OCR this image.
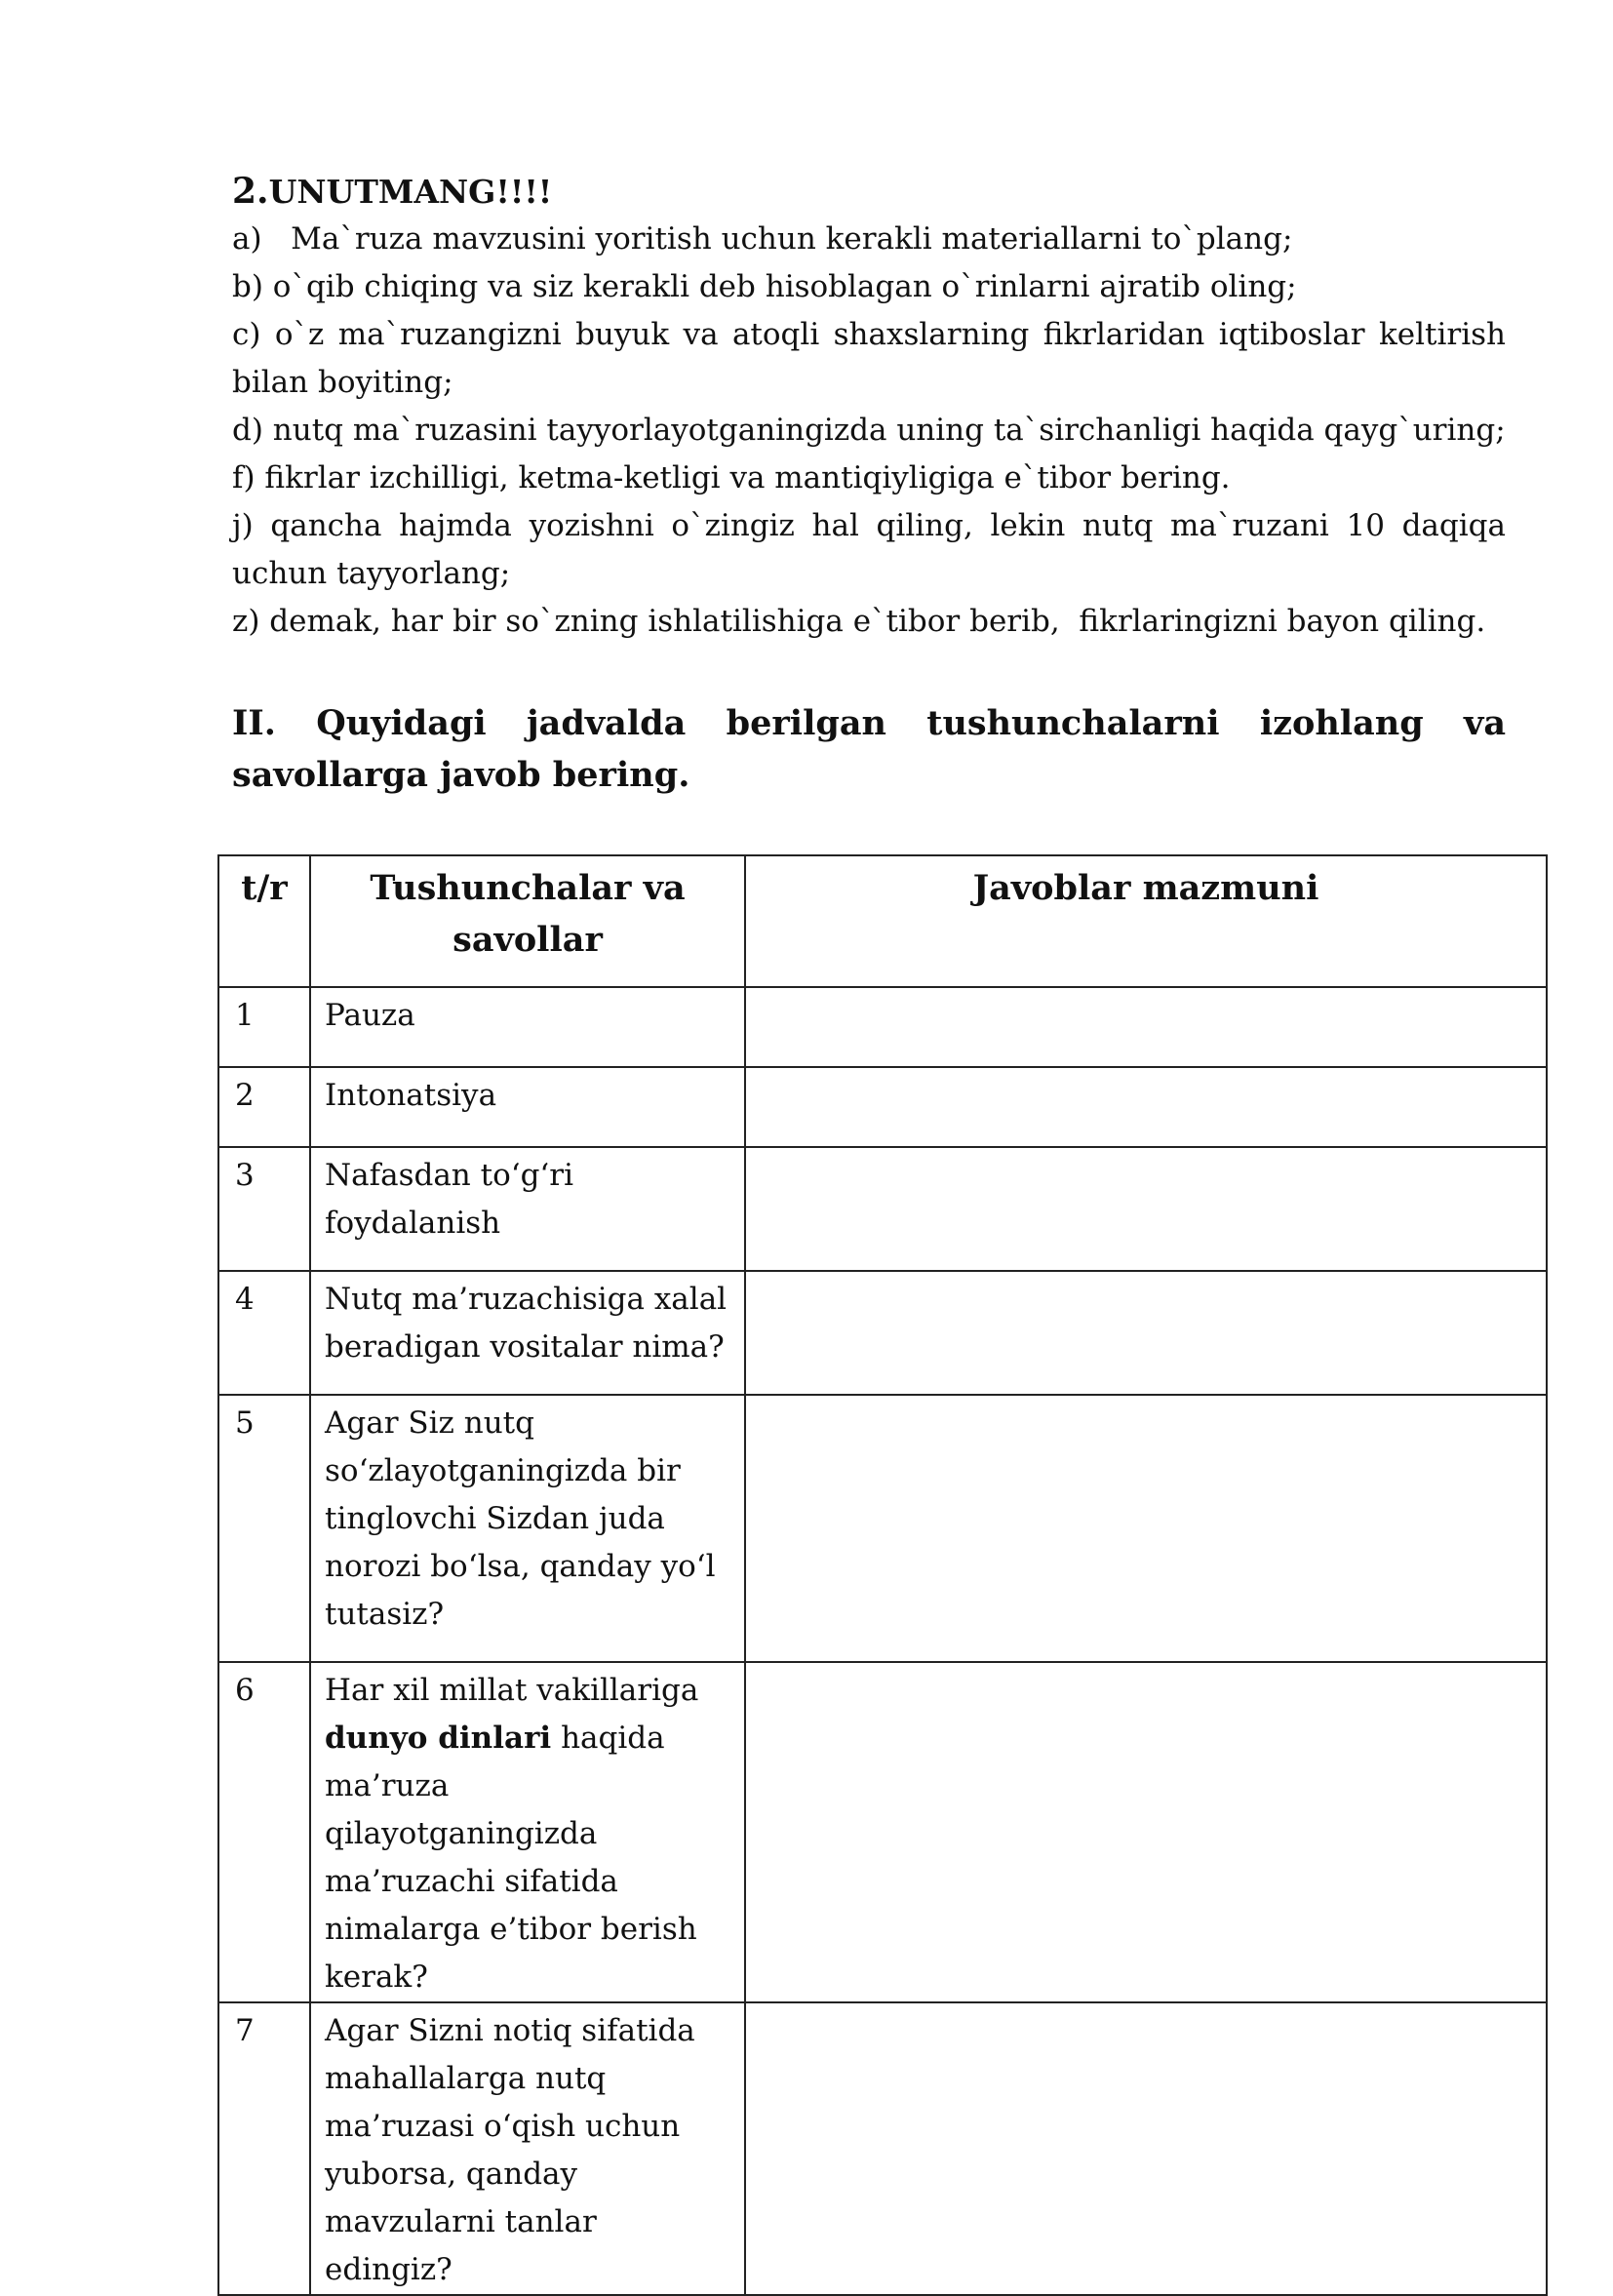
2.UNUTMANG!!!!
a)   Ma`ruza mavzusini yoritish uchun kerakli materiallarni to`plang;
b) o`qib chiqing va siz kerakli deb hisoblagan o`rinlarni ajratib oling;
c) o`z ma`ruzangizni buyuk va atoqli shaxslarning fikrlaridan iqtiboslar keltirish bilan boyiting;
d) nutq ma`ruzasini tayyorlayotganingizda uning ta`sirchanligi haqida qayg`uring;
f) fikrlar izchilligi, ketma-ketligi va mantiqiyligiga e`tibor bering.
j) qancha hajmda yozishni o`zingiz hal qiling, lekin nutq ma`ruzani 10 daqiqa uchun tayyorlang;
z) demak, har bir so`zning ishlatilishiga e`tibor berib,  fikrlaringizni bayon qiling.
II. Quyidagi jadvalda berilgan tushunchalarni izohlang va savollarga javob bering.
t/r	Tushunchalar va savollar	Javoblar mazmuni
1	Pauza	
2	Intonatsiya	
3	Nafasdan to‘g‘ri foydalanish	
4	Nutq ma’ruzachisiga xalal beradigan vositalar nima?	
5	Agar Siz nutq so‘zlayotganingizda bir tinglovchi Sizdan juda norozi bo‘lsa, qanday yo‘l tutasiz?	
6	Har xil millat vakillariga dunyo dinlari haqida ma’ruza qilayotganingizda ma’ruzachi sifatida nimalarga e’tibor berish kerak?	
7	Agar Sizni notiq sifatida mahallalarga nutq ma’ruzasi o‘qish uchun yuborsa, qanday mavzularni tanlar edingiz?	
